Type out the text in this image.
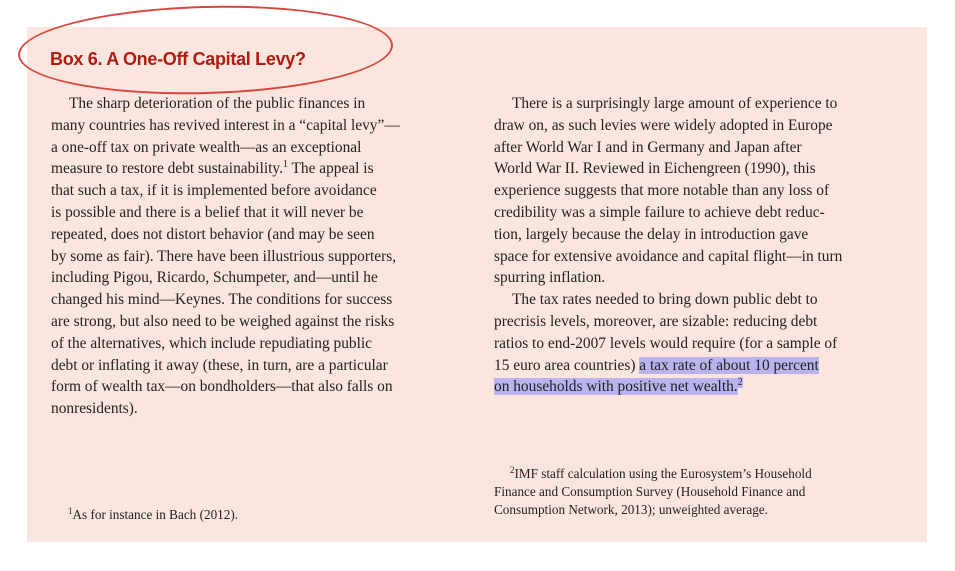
Box 6. A One-Off Capital Levy?

The sharp deterioration of the public finances in
many countries has revived interest in a “capital levy”—
a one-off tax on private wealth—as an exceptional
measure to restore debt sustainability.$^1$ The appeal is
that such a tax, if it is implemented before avoidance
is possible and there is a belief that it will never be
repeated, does not distort behavior (and may be seen
by some as fair). There have been illustrious supporters,
including Pigou, Ricardo, Schumpeter, and—until he
changed his mind—Keynes. The conditions for success
are strong, but also need to be weighed against the risks
of the alternatives, which include repudiating public
debt or inflating it away (these, in turn, are a particular
form of wealth tax—on bondholders—that also falls on
nonresidents).

There is a surprisingly large amount of experience to
draw on, as such levies were widely adopted in Europe
after World War I and in Germany and Japan after
World War II. Reviewed in Eichengreen (1990), this
experience suggests that more notable than any loss of
credibility was a simple failure to achieve debt reduc-
tion, largely because the delay in introduction gave
space for extensive avoidance and capital flight—in turn
spurring inflation.

The tax rates needed to bring down public debt to
precrisis levels, moreover, are sizable: reducing debt
ratios to end-2007 levels would require (for a sample of
15 euro area countries) a tax rate of about 10 percent
on households with positive net wealth.$^2$

$^2$IMF staff calculation using the Eurosystem’s Household
Finance and Consumption Survey (Household Finance and
Consumption Network, 2013); unweighted average.
$^1$As for instance in Bach (2012).
